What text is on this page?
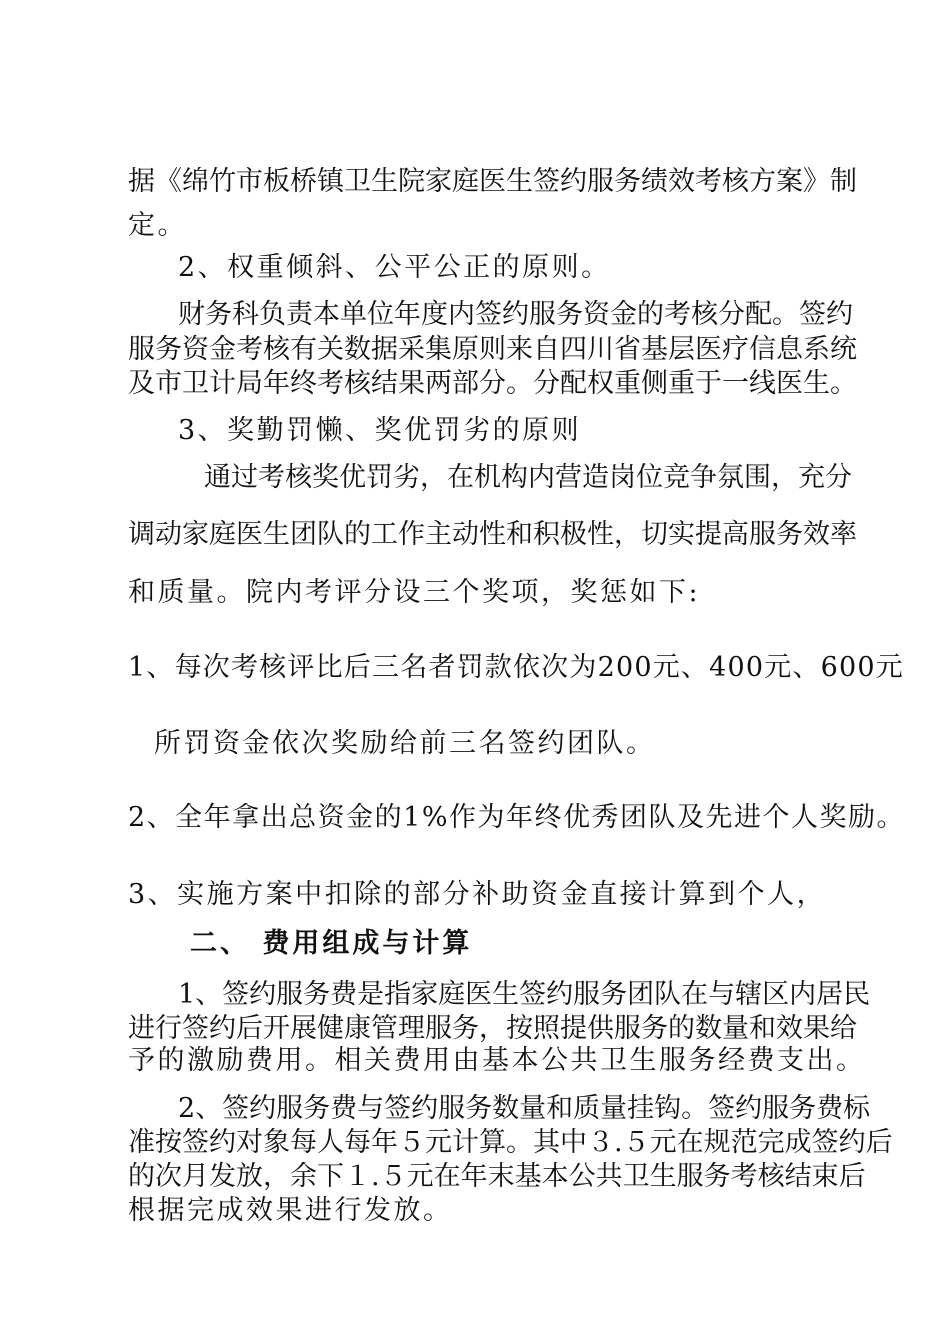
据《绵竹市板桥镇卫生院家庭医生签约服务绩效考核方案》制
定。
2、权重倾斜、公平公正的原则。
财务科负责本单位年度内签约服务资金的考核分配。签约
服务资金考核有关数据采集原则来自四川省基层医疗信息系统
及市卫计局年终考核结果两部分。分配权重侧重于一线医生。
3、奖勤罚懒、奖优罚劣的原则
通过考核奖优罚劣，在机构内营造岗位竞争氛围，充分
调动家庭医生团队的工作主动性和积极性，切实提高服务效率
和质量。院内考评分设三个奖项，奖惩如下:
1、每次考核评比后三名者罚款依次为200元、400元、600元
所罚资金依次奖励给前三名签约团队。
2、全年拿出总资金的1%作为年终优秀团队及先进个人奖励。
3、实施方案中扣除的部分补助资金直接计算到个人，
二、 费用组成与计算
1、签约服务费是指家庭医生签约服务团队在与辖区内居民
进行签约后开展健康管理服务，按照提供服务的数量和效果给
予的激励费用。相关费用由基本公共卫生服务经费支出。
2、签约服务费与签约服务数量和质量挂钩。签约服务费标
准按签约对象每人每年５元计算。其中３.５元在规范完成签约后
的次月发放，余下１.５元在年末基本公共卫生服务考核结束后
根据完成效果进行发放。
